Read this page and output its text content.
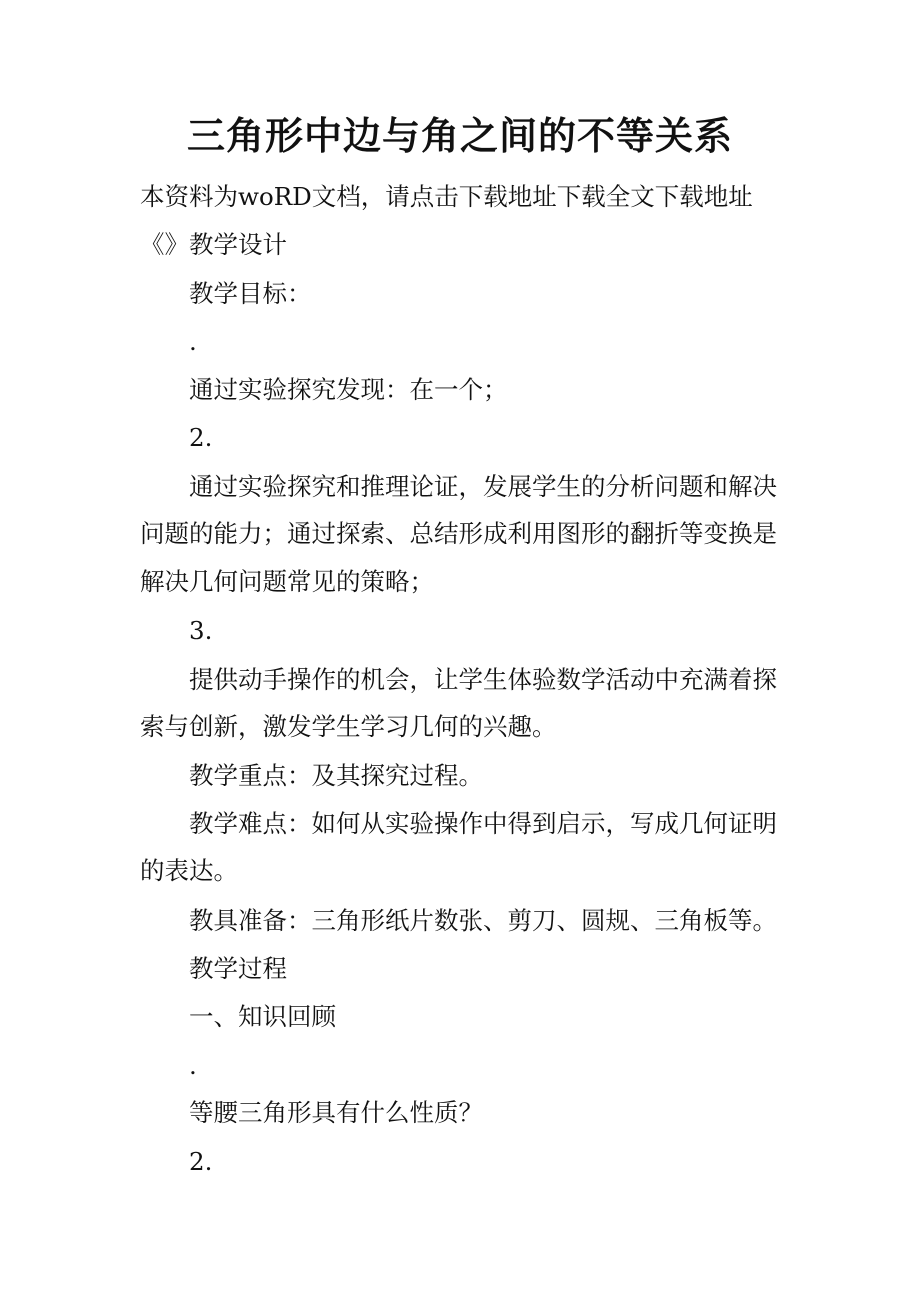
三角形中边与角之间的不等关系
本资料为woRD文档，请点击下载地址下载全文下载地址
《》教学设计
教学目标：
.
通过实验探究发现：在一个；
2.
通过实验探究和推理论证，发展学生的分析问题和解决
问题的能力；通过探索、总结形成利用图形的翻折等变换是
解决几何问题常见的策略；
3.
提供动手操作的机会，让学生体验数学活动中充满着探
索与创新，激发学生学习几何的兴趣。
教学重点：及其探究过程。
教学难点：如何从实验操作中得到启示，写成几何证明
的表达。
教具准备：三角形纸片数张、剪刀、圆规、三角板等。
教学过程
一、知识回顾
.
等腰三角形具有什么性质？
2.
